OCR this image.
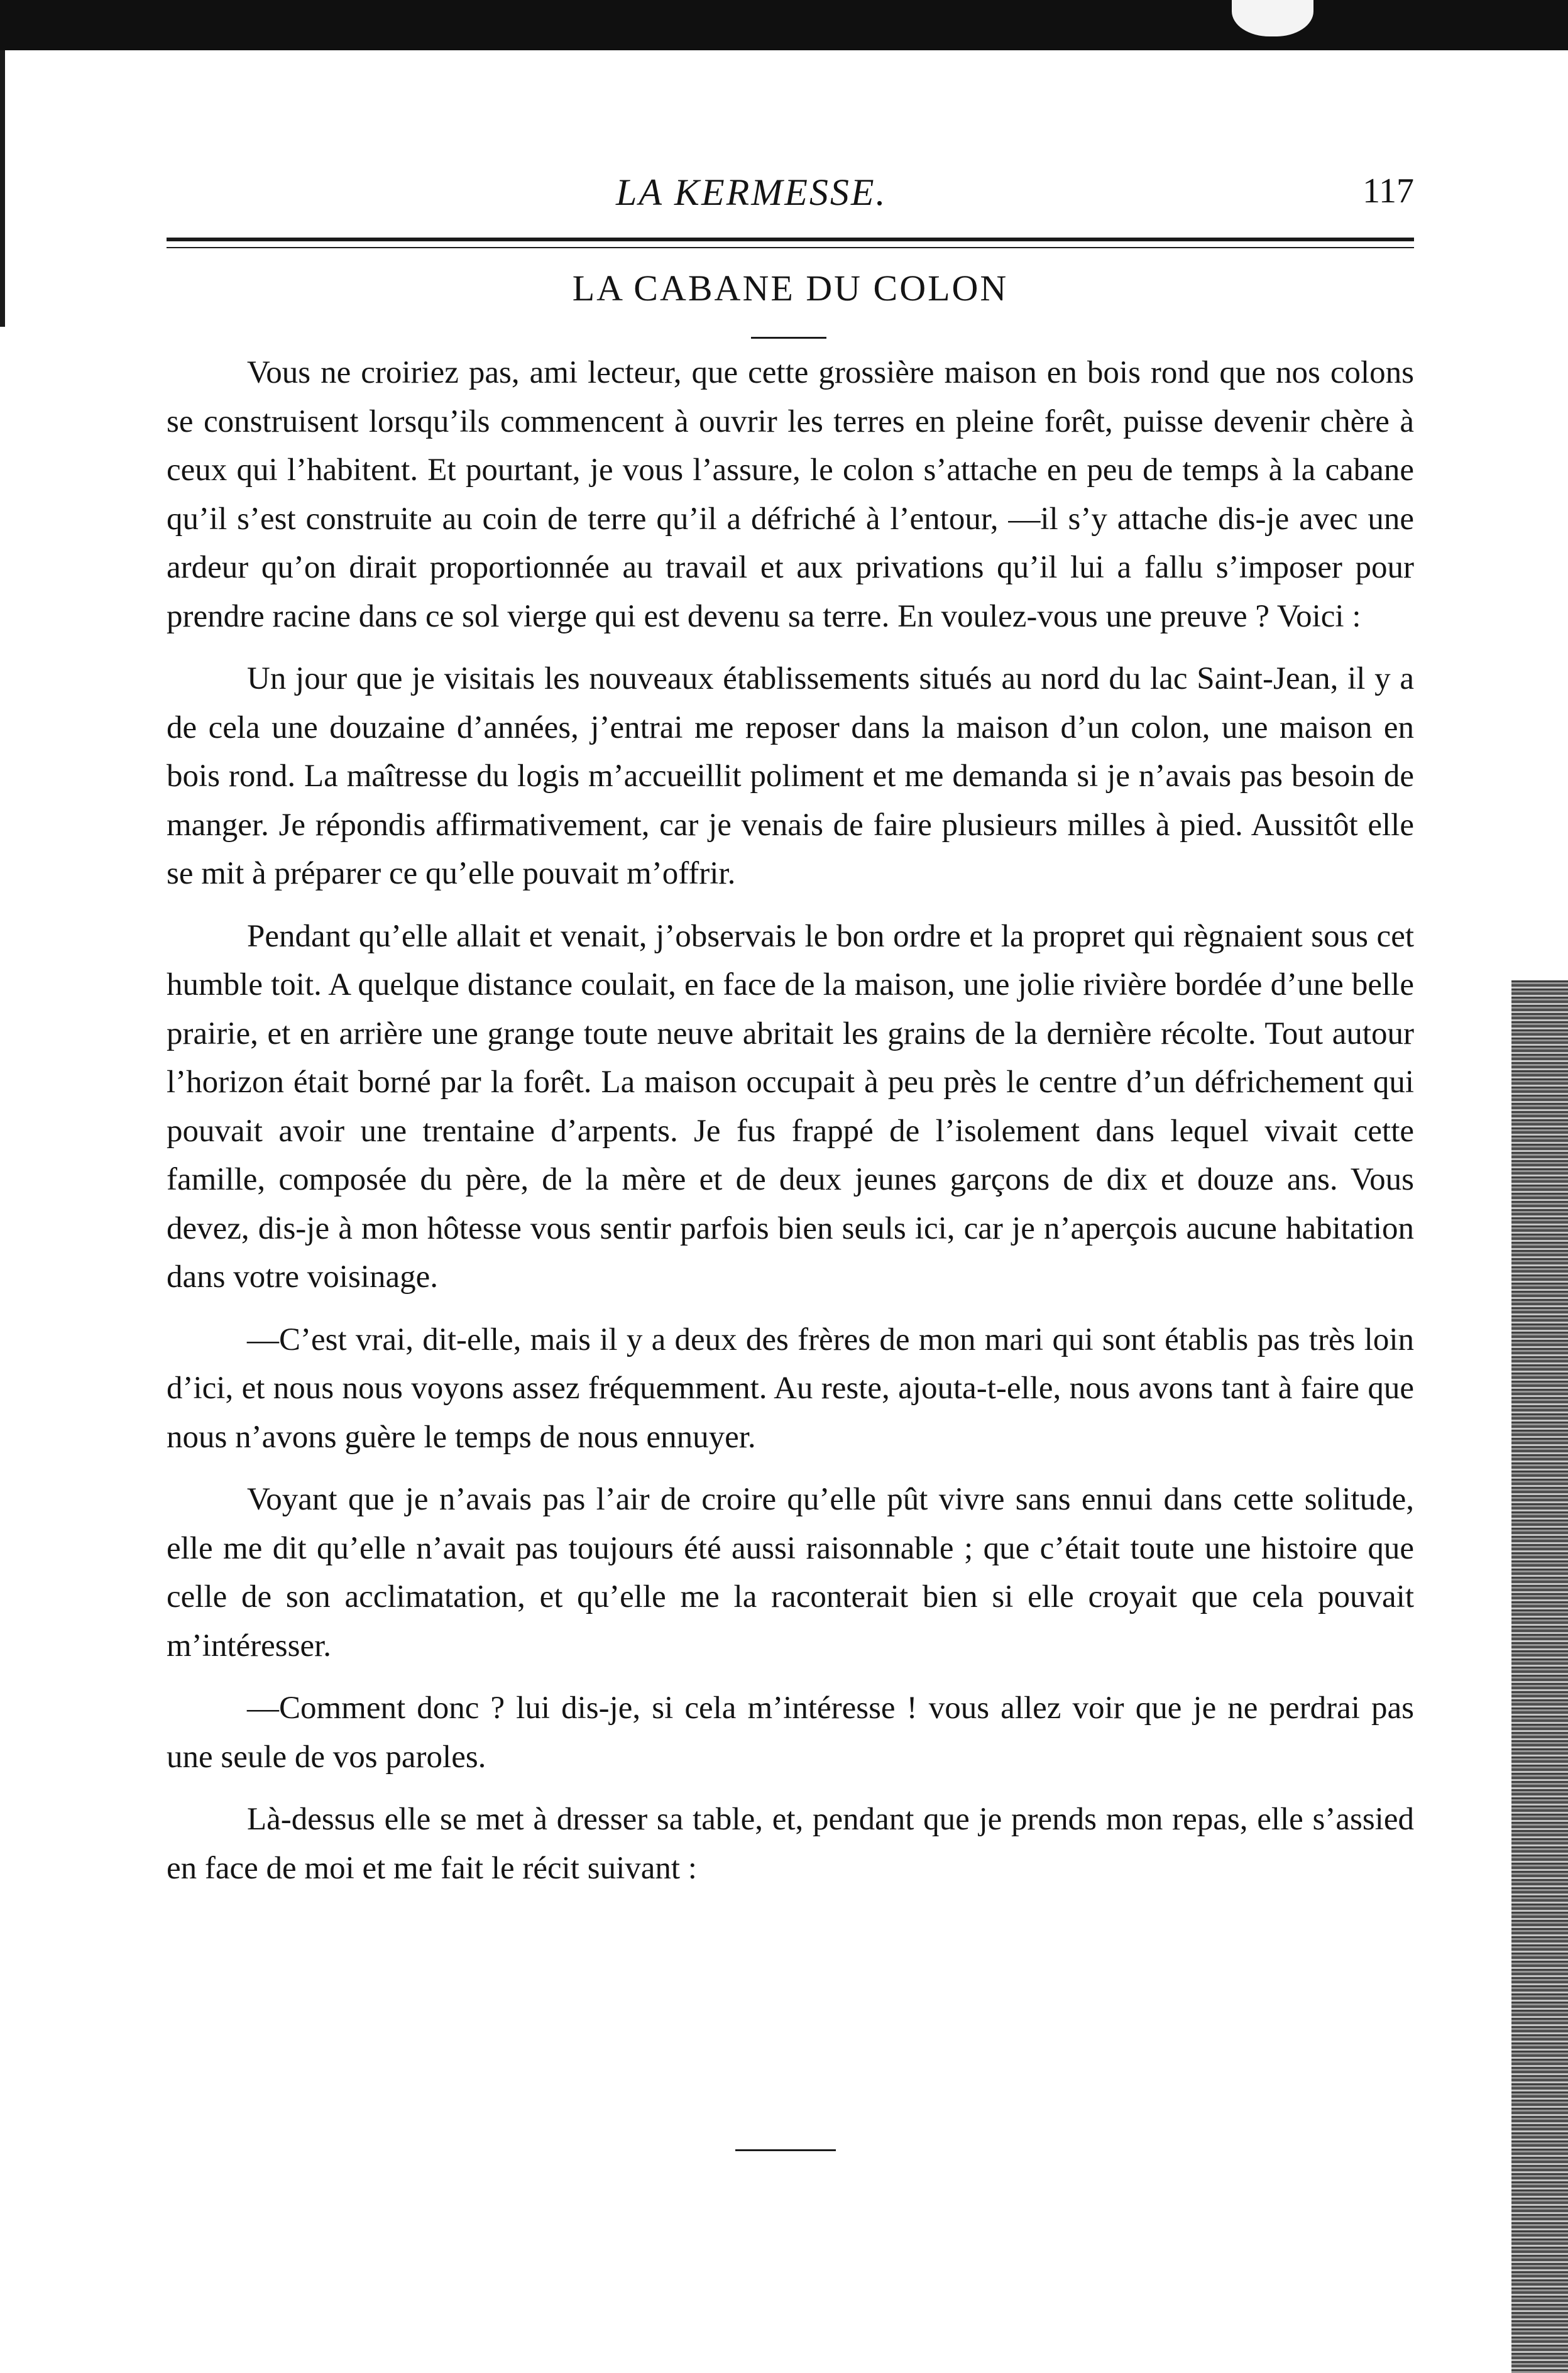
LA KERMESSE.	117
LA CABANE DU COLON

Vous ne croiriez pas, ami lecteur, que cette grossière maison en bois rond que nos colons se construisent lorsqu’ils commencent à ouvrir les terres en pleine forêt, puisse devenir chère à ceux qui l’habitent. Et pourtant, je vous l’assure, le colon s’attache en peu de temps à la cabane qu’il s’est construite au coin de terre qu’il a défriché à l’entour, —il s’y attache dis-je avec une ardeur qu’on dirait proportionnée au travail et aux privations qu’il lui a fallu s’imposer pour prendre racine dans ce sol vierge qui est devenu sa terre. En voulez-vous une preuve ? Voici :

Un jour que je visitais les nouveaux établissements situés au nord du lac Saint-Jean, il y a de cela une douzaine d’années, j’entrai me reposer dans la maison d’un colon, une maison en bois rond. La maîtresse du logis m’accueillit poliment et me demanda si je n’avais pas besoin de manger. Je répondis affirmativement, car je venais de faire plusieurs milles à pied. Aussitôt elle se mit à préparer ce qu’elle pouvait m’offrir.

Pendant qu’elle allait et venait, j’observais le bon ordre et la propret qui règnaient sous cet humble toit. A quelque distance coulait, en face de la maison, une jolie rivière bordée d’une belle prairie, et en arrière une grange toute neuve abritait les grains de la dernière récolte. Tout autour l’horizon était borné par la forêt. La maison occupait à peu près le centre d’un défrichement qui pouvait avoir une trentaine d’arpents. Je fus frappé de l’isolement dans lequel vivait cette famille, composée du père, de la mère et de deux jeunes garçons de dix et douze ans. Vous devez, dis-je à mon hôtesse vous sentir parfois bien seuls ici, car je n’aperçois aucune habitation dans votre voisinage.

—C’est vrai, dit-elle, mais il y a deux des frères de mon mari qui sont établis pas très loin d’ici, et nous nous voyons assez fréquemment. Au reste, ajouta-t-elle, nous avons tant à faire que nous n’avons guère le temps de nous ennuyer.

Voyant que je n’avais pas l’air de croire qu’elle pût vivre sans ennui dans cette solitude, elle me dit qu’elle n’avait pas toujours été aussi raisonnable ; que c’était toute une histoire que celle de son acclimatation, et qu’elle me la raconterait bien si elle croyait que cela pouvait m’intéresser.

—Comment donc ? lui dis-je, si cela m’intéresse ! vous allez voir que je ne perdrai pas une seule de vos paroles.

Là-dessus elle se met à dresser sa table, et, pendant que je prends mon repas, elle s’assied en face de moi et me fait le récit suivant :
